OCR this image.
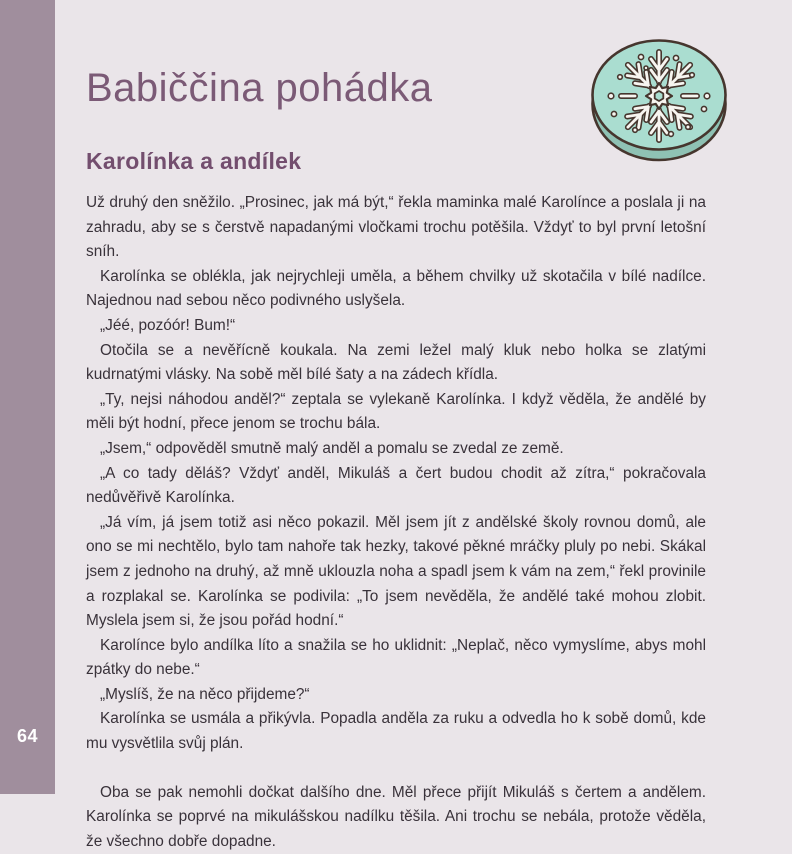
64
Babiččina pohádka
Karolínka a andílek

Už druhý den sněžilo. „Prosinec, jak má být,“ řekla maminka malé Karolínce a poslala ji na zahradu, aby se s čerstvě napadanými vločkami trochu potěšila. Vždyť to byl první letošní sníh.

Karolínka se oblékla, jak nejrychleji uměla, a během chvilky už skotačila v bílé nadílce. Najednou nad sebou něco podivného uslyšela.

„Jéé, pozóór! Bum!“

Otočila se a nevěřícně koukala. Na zemi ležel malý kluk nebo holka se zlatými kudrnatými vlásky. Na sobě měl bílé šaty a na zádech křídla.

„Ty, nejsi náhodou anděl?“ zeptala se vylekaně Karolínka. I když věděla, že andělé by měli být hodní, přece jenom se trochu bála.

„Jsem,“ odpověděl smutně malý anděl a pomalu se zvedal ze země.

„A co tady děláš? Vždyť anděl, Mikuláš a čert budou chodit až zítra,“ pokračovala nedůvěřivě Karolínka.

„Já vím, já jsem totiž asi něco pokazil. Měl jsem jít z andělské školy rovnou domů, ale ono se mi nechtělo, bylo tam nahoře tak hezky, takové pěkné mráčky pluly po nebi. Skákal jsem z jednoho na druhý, až mně uklouzla noha a spadl jsem k vám na zem,“ řekl provinile a rozplakal se. Karolínka se podivila: „To jsem nevěděla, že andělé také mohou zlobit. Myslela jsem si, že jsou pořád hodní.“

Karolínce bylo andílka líto a snažila se ho uklidnit: „Neplač, něco vymyslíme, abys mohl zpátky do nebe.“

„Myslíš, že na něco přijdeme?“

Karolínka se usmála a přikývla. Popadla anděla za ruku a odvedla ho k sobě domů, kde mu vysvětlila svůj plán.

Oba se pak nemohli dočkat dalšího dne. Měl přece přijít Mikuláš s čertem a andělem. Karolínka se poprvé na mikulášskou nadílku těšila. Ani trochu se nebála, protože věděla, že všechno dobře dopadne.
